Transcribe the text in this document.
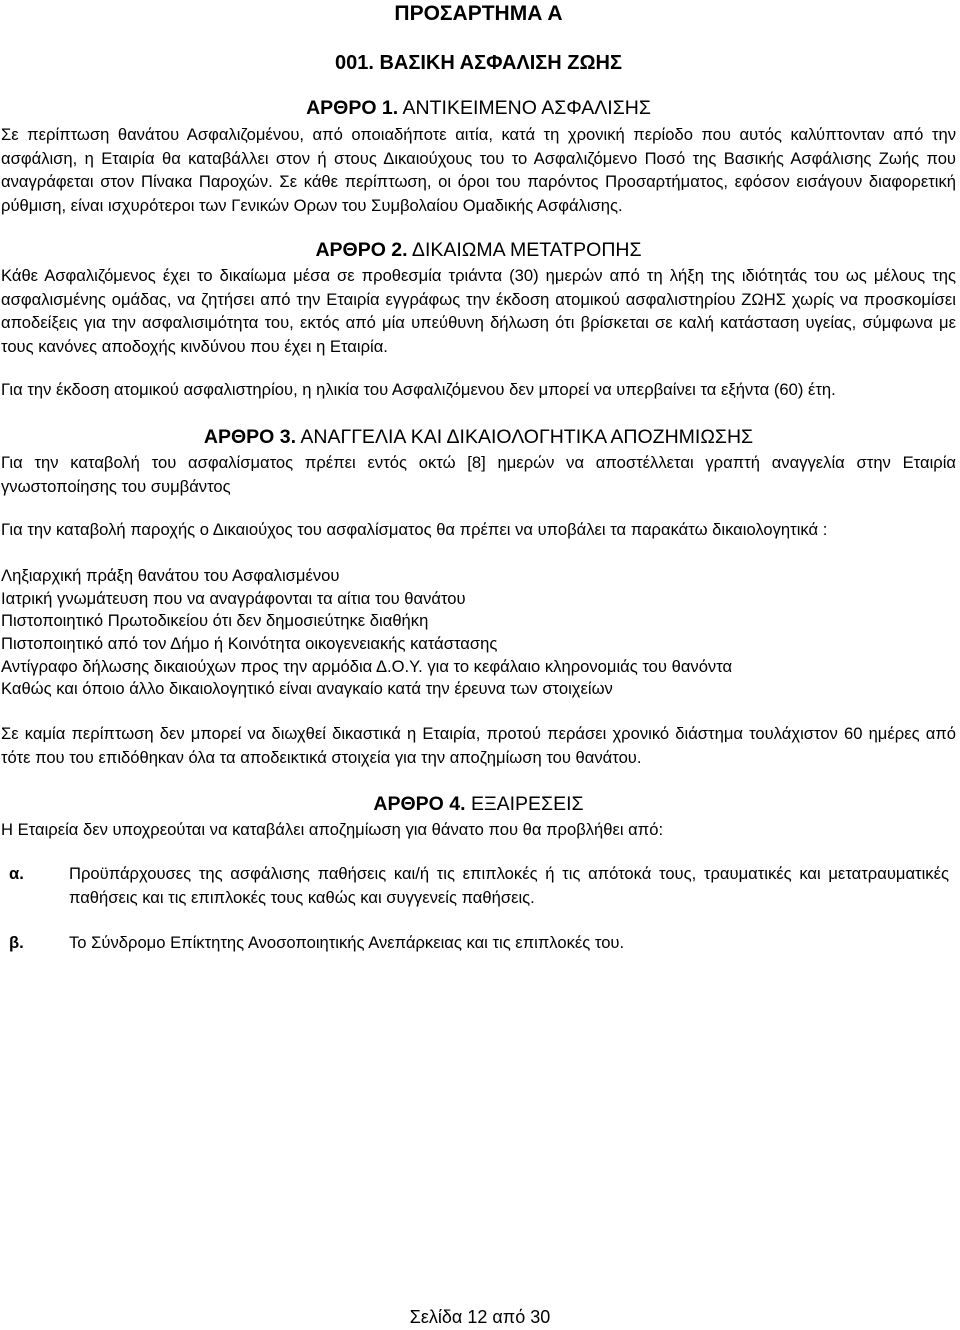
ΠΡΟΣΑΡΤΗΜΑ Α
001. ΒΑΣΙΚΗ ΑΣΦΑΛΙΣΗ ΖΩΗΣ
ΑΡΘΡΟ 1. ΑΝΤΙΚΕΙΜΕΝΟ ΑΣΦΑΛΙΣΗΣ
Σε περίπτωση θανάτου Ασφαλιζομένου, από οποιαδήποτε αιτία, κατά τη χρονική περίοδο που αυτός καλύπτονταν από την ασφάλιση, η Εταιρία θα καταβάλλει στον ή στους Δικαιούχους του το Ασφαλιζόμενο Ποσό της Βασικής Ασφάλισης Ζωής που αναγράφεται στον Πίνακα Παροχών. Σε κάθε περίπτωση, οι όροι του παρόντος Προσαρτήματος, εφόσον εισάγουν διαφορετική ρύθμιση, είναι ισχυρότεροι των Γενικών Ορων του Συμβολαίου Ομαδικής Ασφάλισης.
ΑΡΘΡΟ 2. ΔΙΚΑΙΩΜΑ ΜΕΤΑΤΡΟΠΗΣ
Κάθε Ασφαλιζόμενος έχει το δικαίωμα μέσα σε προθεσμία τριάντα (30) ημερών από τη λήξη της ιδιότητάς του ως μέλους της ασφαλισμένης ομάδας, να ζητήσει από την Εταιρία εγγράφως την έκδοση ατομικού ασφαλιστηρίου ΖΩΗΣ χωρίς να προσκομίσει αποδείξεις για την ασφαλισιμότητα του, εκτός από μία υπεύθυνη δήλωση ότι βρίσκεται σε καλή κατάσταση υγείας, σύμφωνα με τους κανόνες αποδοχής κινδύνου που έχει η Εταιρία.
Για την έκδοση ατομικού ασφαλιστηρίου, η ηλικία του Ασφαλιζόμενου δεν μπορεί να υπερβαίνει τα εξήντα (60) έτη.
ΑΡΘΡΟ 3. ΑΝΑΓΓΕΛΙΑ ΚΑΙ ΔΙΚΑΙΟΛΟΓΗΤΙΚΑ ΑΠΟΖΗΜΙΩΣΗΣ
Για την καταβολή του ασφαλίσματος πρέπει εντός οκτώ [8] ημερών να αποστέλλεται γραπτή αναγγελία στην Εταιρία γνωστοποίησης του συμβάντος
Για την καταβολή παροχής ο Δικαιούχος του ασφαλίσματος θα πρέπει να υποβάλει τα παρακάτω δικαιολογητικά :
Ληξιαρχική πράξη θανάτου του Ασφαλισμένου
Ιατρική γνωμάτευση που να αναγράφονται τα αίτια του θανάτου
Πιστοποιητικό Πρωτοδικείου ότι δεν δημοσιεύτηκε διαθήκη
Πιστοποιητικό από τον Δήμο ή Κοινότητα οικογενειακής κατάστασης
Αντίγραφο δήλωσης δικαιούχων προς την αρμόδια Δ.Ο.Υ. για το κεφάλαιο κληρονομιάς του θανόντα
Καθώς και όποιο άλλο δικαιολογητικό είναι αναγκαίο κατά την έρευνα των στοιχείων
Σε καμία περίπτωση δεν μπορεί να διωχθεί δικαστικά η Εταιρία, προτού περάσει χρονικό διάστημα τουλάχιστον 60 ημέρες από τότε που του επιδόθηκαν όλα τα αποδεικτικά στοιχεία για την αποζημίωση του θανάτου.
ΑΡΘΡΟ 4. ΕΞΑΙΡΕΣΕΙΣ
Η Εταιρεία δεν υποχρεούται να καταβάλει αποζημίωση για θάνατο που θα προβλήθει από:
α.	Προϋπάρχουσες της ασφάλισης παθήσεις και/ή τις επιπλοκές ή τις απότοκά τους, τραυματικές και μετατραυματικές παθήσεις και τις επιπλοκές τους καθώς και συγγενείς παθήσεις.
β.	Το Σύνδρομο Επίκτητης Ανοσοποιητικής Ανεπάρκειας και τις επιπλοκές του.
Σελίδα 12 από 30
